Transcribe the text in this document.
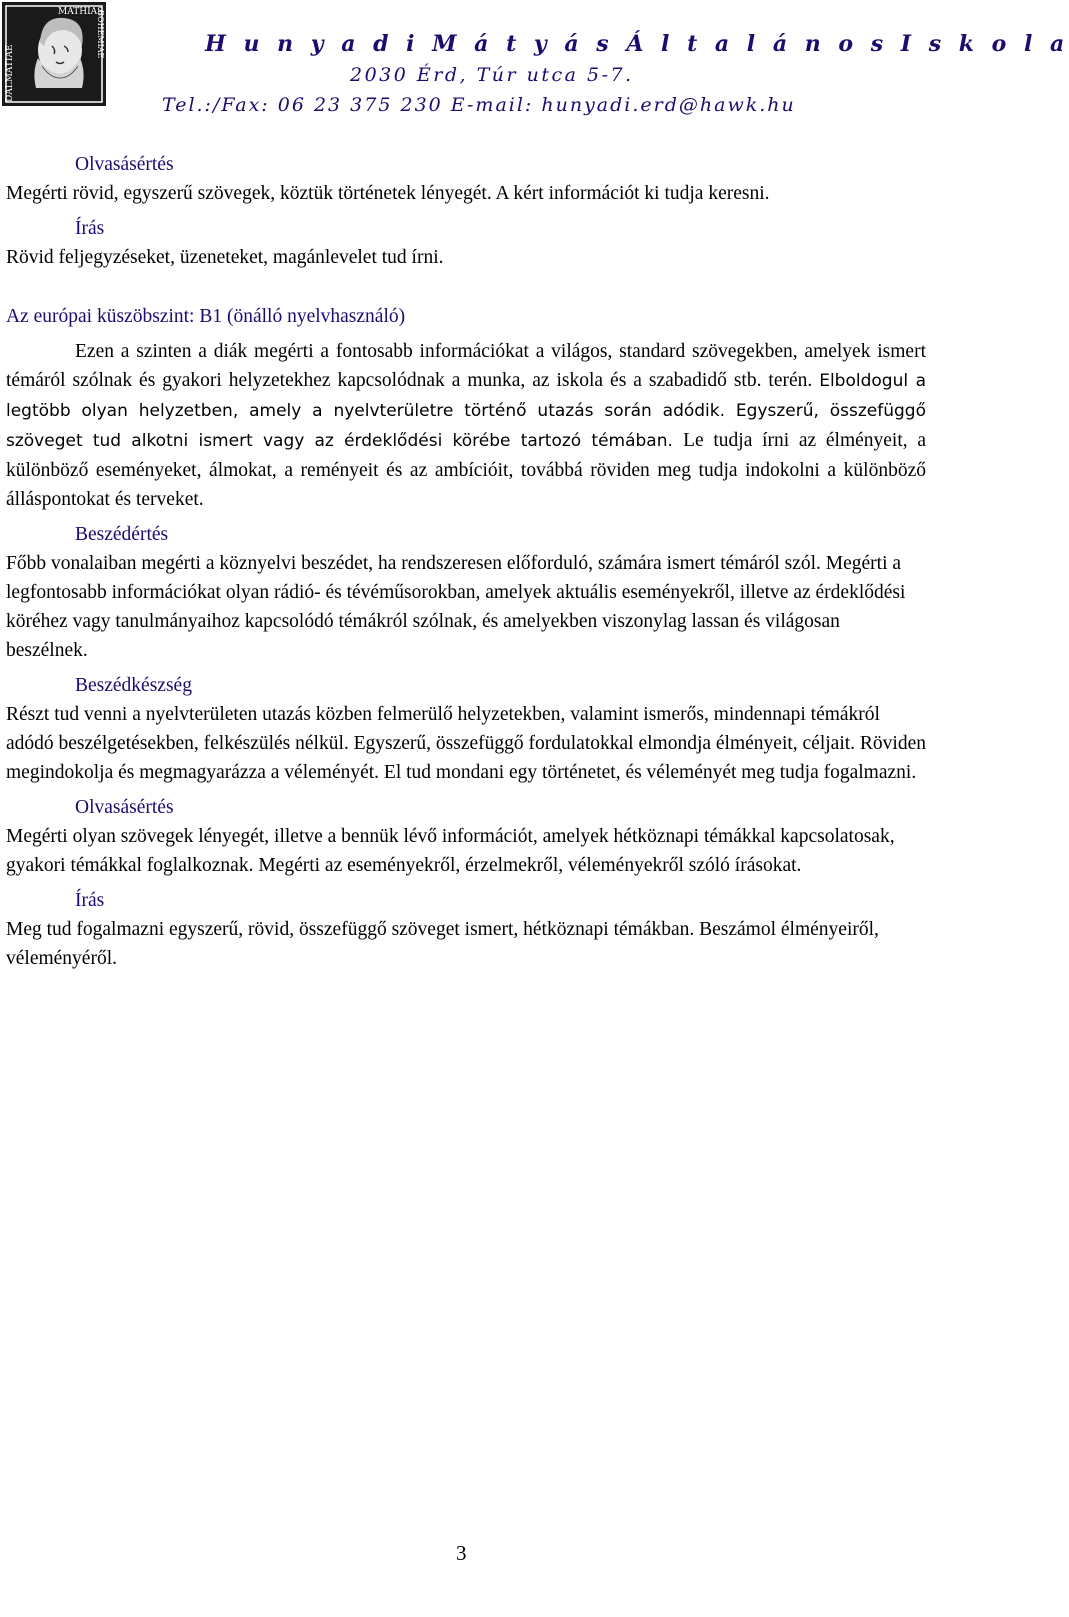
DALMATIAE
MATHIAS
BOHEMIAE	H u n y a d i M á t y á s Á l t a l á n o s I s k o l a
2030 Érd, Túr utca 5-7.
Tel.:/Fax: 06 23 375 230 E-mail: hunyadi.erd@hawk.hu
Olvasásértés

Megérti rövid, egyszerű szövegek, köztük történetek lényegét. A kért információt ki tudja keresni.

Írás

Rövid feljegyzéseket, üzeneteket, magánlevelet tud írni.

Az európai küszöbszint: B1 (önálló nyelvhasználó)

Ezen a szinten a diák megérti a fontosabb információkat a világos, standard szövegekben, amelyek ismert témáról szólnak és gyakori helyzetekhez kapcsolódnak a munka, az iskola és a szabadidő stb. terén. Elboldogul a legtöbb olyan helyzetben, amely a nyelvterületre történő utazás során adódik. Egyszerű, összefüggő szöveget tud alkotni ismert vagy az érdeklődési körébe tartozó témában. Le tudja írni az élményeit, a különböző eseményeket, álmokat, a reményeit és az ambícióit, továbbá röviden meg tudja indokolni a különböző álláspontokat és terveket.

Beszédértés

Főbb vonalaiban megérti a köznyelvi beszédet, ha rendszeresen előforduló, számára ismert témáról szól. Megérti a legfontosabb információkat olyan rádió- és tévéműsorokban, amelyek aktuális eseményekről, illetve az érdeklődési köréhez vagy tanulmányaihoz kapcsolódó témákról szólnak, és amelyekben viszonylag lassan és világosan beszélnek.

Beszédkészség

Részt tud venni a nyelvterületen utazás közben felmerülő helyzetekben, valamint ismerős, mindennapi témákról adódó beszélgetésekben, felkészülés nélkül. Egyszerű, összefüggő fordulatokkal elmondja élményeit, céljait. Röviden megindokolja és megmagyarázza a véleményét. El tud mondani egy történetet, és véleményét meg tudja fogalmazni.

Olvasásértés

Megérti olyan szövegek lényegét, illetve a bennük lévő információt, amelyek hétköznapi témákkal kapcsolatosak, gyakori témákkal foglalkoznak. Megérti az eseményekről, érzelmekről, véleményekről szóló írásokat.

Írás

Meg tud fogalmazni egyszerű, rövid, összefüggő szöveget ismert, hétköznapi témákban. Beszámol élményeiről, véleményéről.

3
